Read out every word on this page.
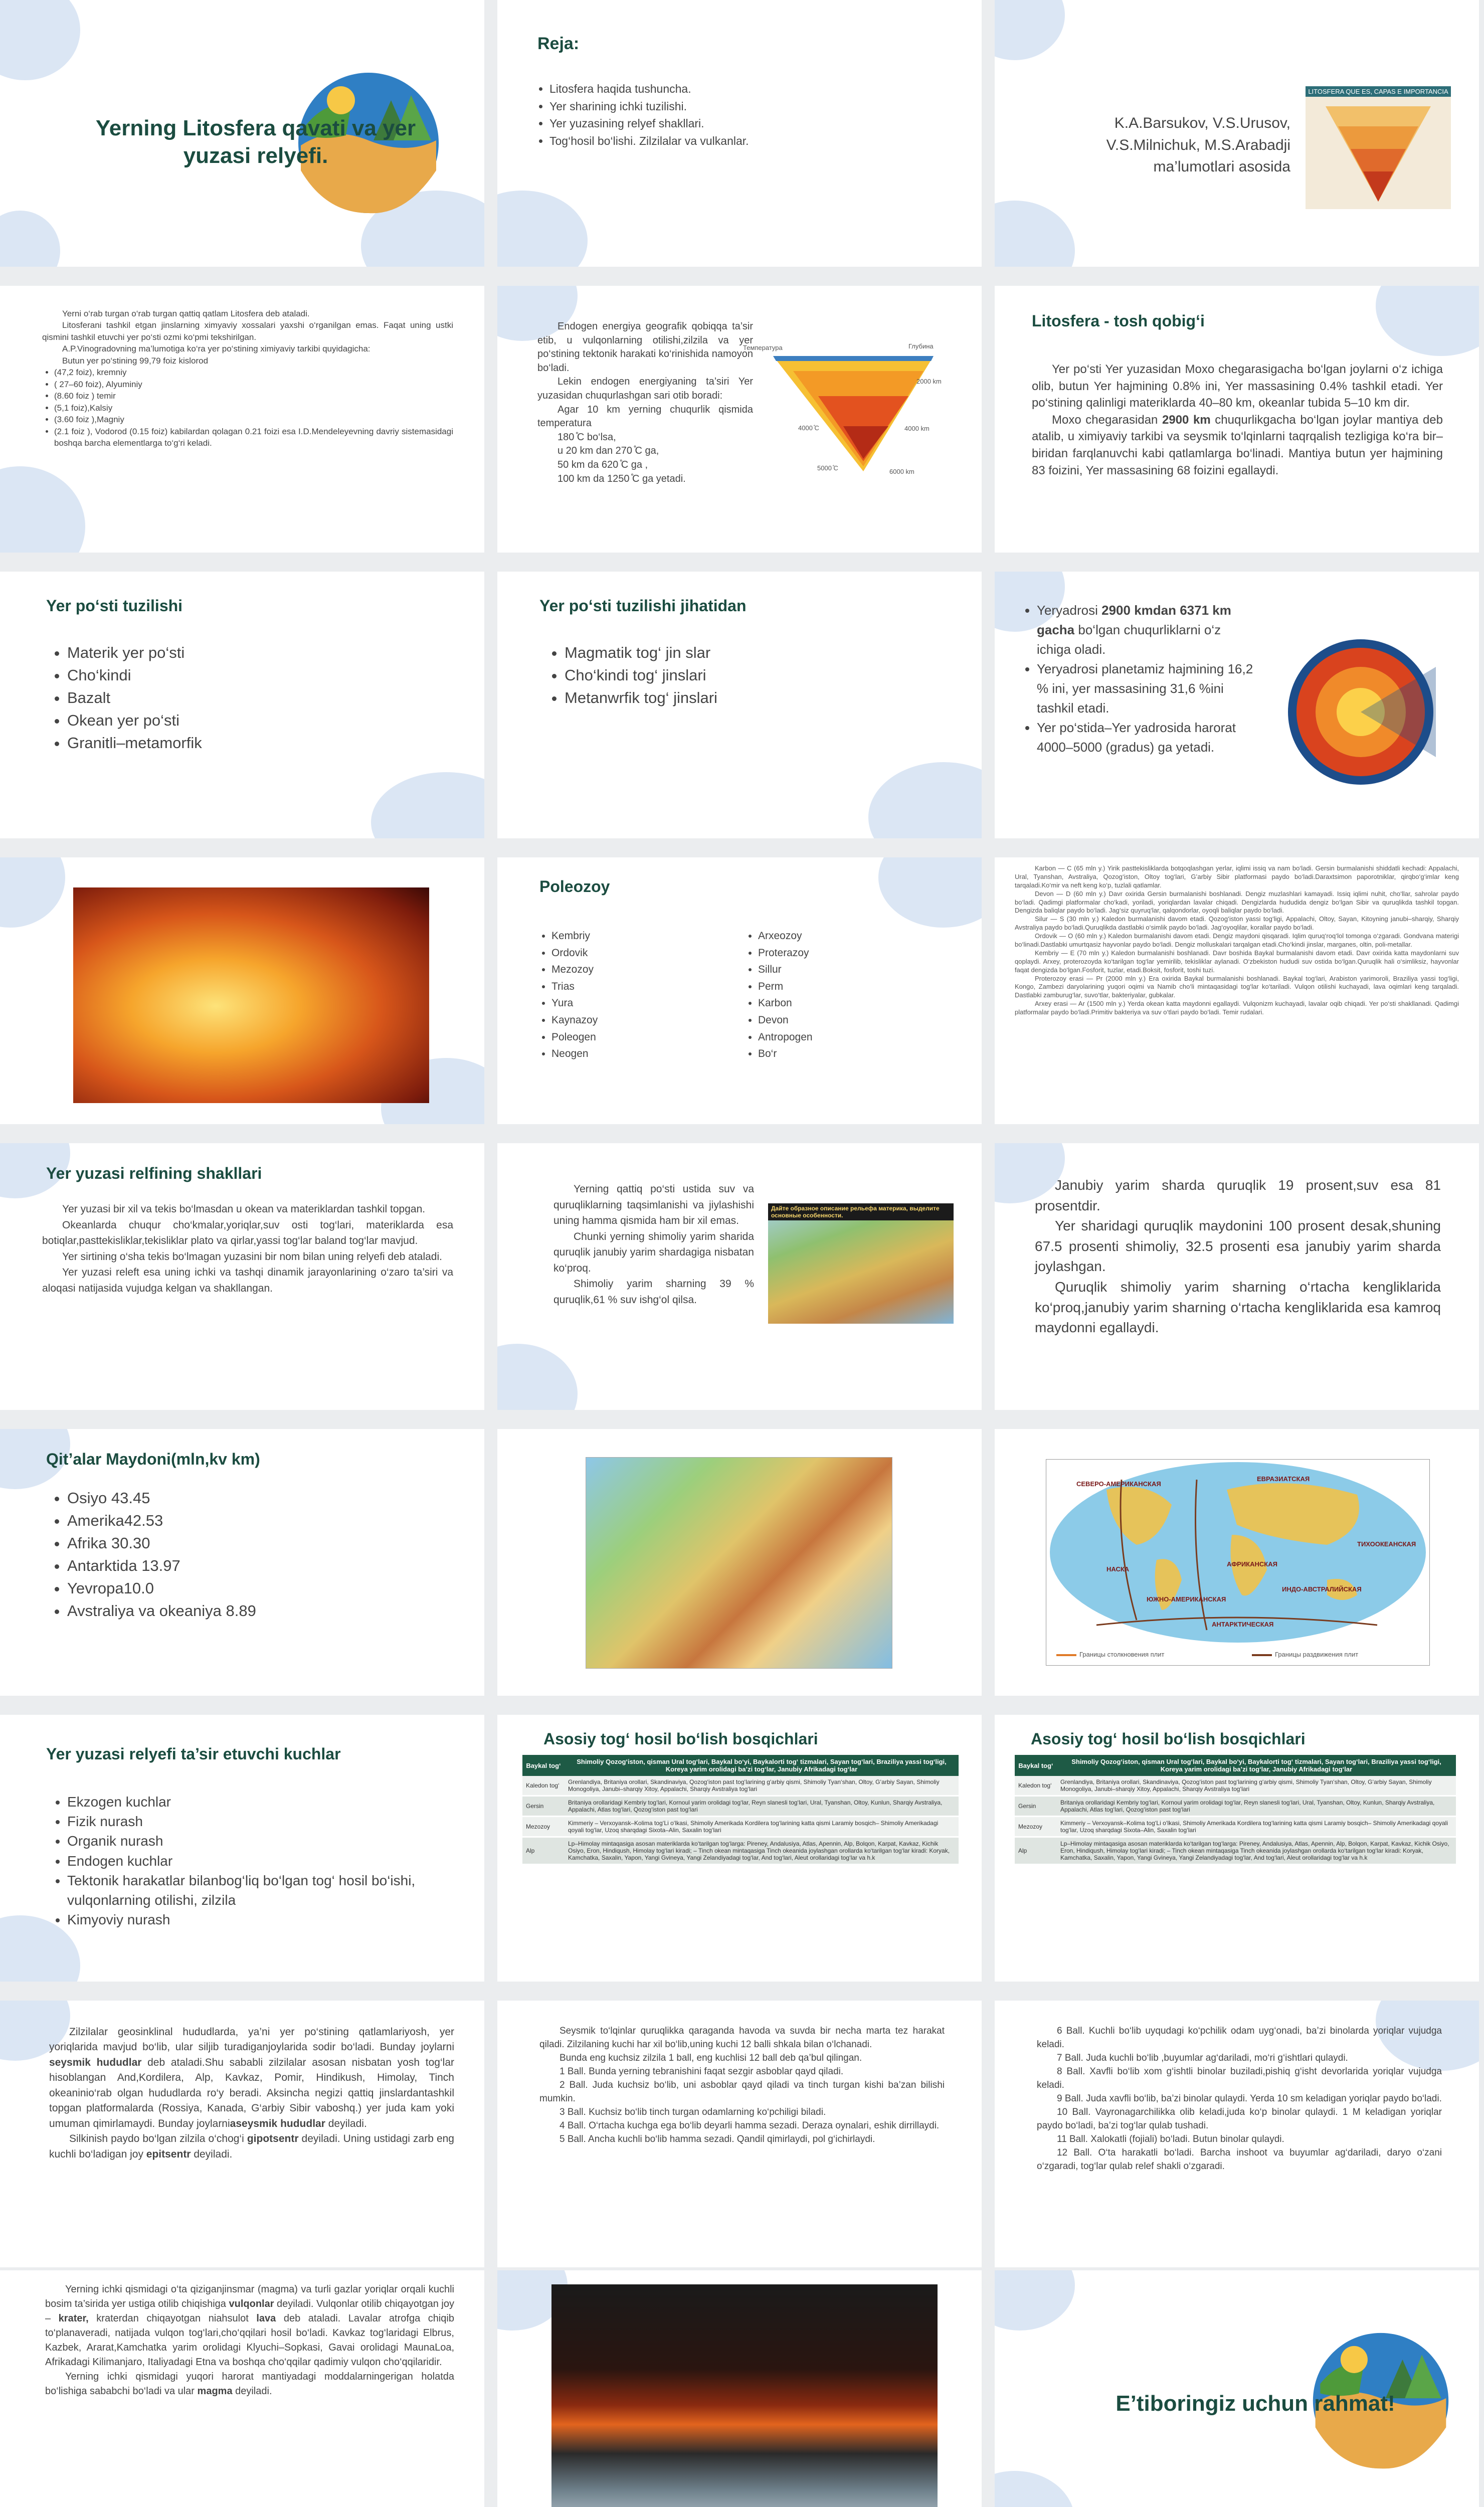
Yerning Litosfera qavati va yer yuzasi relyefi.
Reja:
• Litosfera haqida tushuncha.
• Yer sharining ichki tuzilishi.
• Yer yuzasining relyef shakllari.
• Tog‘hosil bo‘lishi. Zilzilalar va vulkanlar.
K.A.Barsukov, V.S.Urusov, V.S.Milnichuk, M.S.Arabadji ma’lumotlari asosida
LITOSFERA QUE ES, CAPAS E IMPORTANCIA

Yerni o‘rab turgan o‘rab turgan qattiq qatlam Litosfera deb ataladi.

Litosferani tashkil etgan jinslarning ximyaviy xossalari yaxshi o‘rganilgan emas. Faqat uning ustki qismini tashkil etuvchi yer po‘sti ozmi ko‘pmi tekshirilgan.

A.P.Vinogradovning ma’lumotiga ko‘ra yer po‘stining ximiyaviy tarkibi quyidagicha:

Butun yer po‘stining 99,79 foiz kislorod

• (47,2 foiz), kremniy
• ( 27–60 foiz), Alyuminiy
• (8.60 foiz ) temir
• (5,1 foiz),Kalsiy
• (3.60 foiz ),Magniy
• (2.1 foiz ), Vodorod (0.15 foiz) kabilardan qolagan 0.21 foizi esa I.D.Mendeleyevning davriy sistemasidagi boshqa barcha elementlarga to‘g‘ri keladi.

Endogen energiya geografik qobiqqa ta’sir etib, u vulqonlarning otilishi,zilzila va yer po‘stining tektonik harakati ko‘rinishida namoyon bo‘ladi.

Lekin endogen energiyaning ta’siri Yer yuzasidan chuqurlashgan sari otib boradi:

Agar 10 km yerning chuqurlik qismida temperatura

180 ̊C bo‘lsa,

u 20 km dan 270 ̊C ga,

50 km da 620 ̊C ga ,

100 km da 1250 ̊C ga yetadi.

Температура	Глубина
2000 km
4000 km
6000 km
4000 ̊C
5000 ̊C
Litosfera - tosh qobig‘i

Yer po‘sti Yer yuzasidan Moxo chegarasigacha bo‘lgan joylarni o‘z ichiga olib, butun Yer hajmining 0.8% ini, Yer massasining 0.4% tashkil etadi. Yer po‘stining qalinligi materiklarda 40–80 km, okeanlar tubida 5–10 km dir.

Moxo chegarasidan 2900 km chuqurlikgacha bo‘lgan joylar mantiya deb atalib, u ximiyaviy tarkibi va seysmik to‘lqinlarni taqrqalish tezligiga ko‘ra bir–biridan farqlanuvchi kabi qatlamlarga bo‘linadi. Mantiya butun yer hajmining 83 foizini, Yer massasining 68 foizini egallaydi.

Yer po‘sti tuzilishi
• Materik yer po‘sti
• Cho‘kindi
• Bazalt
• Okean yer po‘sti
• Granitli–metamorfik
Yer po‘sti tuzilishi jihatidan
• Magmatik tog‘ jin slar
• Cho‘kindi tog‘ jinslari
• Metanwrfik tog‘ jinslari
• Yeryadrosi 2900 kmdan 6371 km gacha bo‘lgan chuqurliklarni o‘z ichiga oladi.
• Yeryadrosi planetamiz hajmining 16,2 % ini, yer massasining 31,6 %ini tashkil etadi.
• Yer po‘stida–Yer yadrosida harorat 4000–5000 (gradus) ga yetadi.
Poleozoy
• Kembriy
• Ordovik
• Mezozoy
• Trias
• Yura
• Kaynazoy
• Poleogen
• Neogen
• Arxeozoy
• Proterazoy
• Sillur
• Perm
• Karbon
• Devon
• Antropogen
• Bo‘r

Karbon — C (65 mln y.) Yirik pasttekisliklarda botqoqlashgan yerlar, iqlimi issiq va nam bo‘ladi. Gersin burmalanishi shiddatli kechadi: Appalachi, Ural, Tyanshan, Avstraliya, Qozog‘iston, Oltoy tog‘lari, Gʻarbiy Sibir platformasi paydo bo‘ladi.Daraxtsimon paporotniklar, qirqbo‘g‘imlar keng tarqaladi.Ko‘mir va neft keng ko‘p, tuzlali qatlamlar.

Devon — D (60 mln y.) Davr oxirida Gersin burmalanishi boshlanadi. Dengiz muzlashlari kamayadi. Issiq iqlimi nuhit, cho‘llar, sahrolar paydo bo‘ladi. Qadimgi platformalar cho‘kadi, yoriladi, yoriqlardan lavalar chiqadi. Dengizlarda hududida dengiz bo‘lgan Sibir va quruqlikda tashkil topgan. Dengizda baliqlar paydo bo‘ladi. Jag‘siz quyruq‘lar, qalqondorlar, oyoqli baliqlar paydo bo‘ladi.

Silur — S (30 mln y.) Kaledon burmalanishi davom etadi. Qozog‘iston yassi tog‘ligi, Appalachi, Oltoy, Sayan, Kitoyning janubi–sharqiy, Sharqiy Avstraliya paydo bo‘ladi.Quruqlikda dastlabki o‘simlik paydo bo‘ladi. Jag‘oyoqlilar, korallar paydo bo‘ladi.

Ordovik — O (60 mln y.) Kaledon burmalanishi davom etadi. Dengiz maydoni qisqaradi. Iqlim quruq‘roq‘lol tomonga o‘zgaradi. Gondvana materigi bo‘linadi.Dastlabki umurtqasiz hayvonlar paydo bo‘ladi. Dengiz molluskalari tarqalgan etadi.Cho‘kindi jinslar, marganes, oltin, poli-metallar.

Kembriy — E (70 mln y.) Kaledon burmalanishi boshlanadi. Davr boshida Baykal burmalanishi davom etadi. Davr oxirida katta maydonlarni suv qoplaydi. Arxey, proterozoyda ko‘tarilgan tog‘lar yemirilib, tekisliklar aylanadi. O‘zbekiston hududi suv ostida bo‘lgan.Quruqlik hali o‘simliksiz, hayvonlar faqat dengizda bo‘lgan.Fosforit, tuzlar, etadi.Boksit, fosforit, toshi tuzi.

Proterozoy erasi — Pr (2000 mln y.) Era oxirida Baykal burmalanishi boshlanadi. Baykal tog‘lari, Arabiston yarimoroli, Braziliya yassi tog‘ligi, Kongo, Zambezi daryolarining yuqori oqimi va Namib cho‘li mintaqasidagi tog‘lar ko‘tariladi. Vulqon otilishi kuchayadi, lava oqimlari keng tarqaladi. Dastlabki zamburug‘lar, suvo‘tlar, bakteriyalar, gubkalar.

Arxey erasi — Ar (1500 mln y.) Yerda okean katta maydonni egallaydi. Vulqonizm kuchayadi, lavalar oqib chiqadi. Yer po‘sti shakllanadi. Qadimgi platformalar paydo bo‘ladi.Primitiv bakteriya va suv o‘tlari paydo bo‘ladi. Temir rudalari.

Yer yuzasi relfining shakllari

Yer yuzasi bir xil va tekis bo‘lmasdan u okean va materiklardan tashkil topgan.

Okeanlarda chuqur cho‘kmalar,yoriqlar,suv osti tog‘lari, materiklarda esa botiqlar,pasttekisliklar,tekisliklar plato va qirlar,yassi tog‘lar baland tog‘lar mavjud.

Yer sirtining o‘sha tekis bo‘lmagan yuzasini bir nom bilan uning relyefi deb ataladi.

Yer yuzasi releft esa uning ichki va tashqi dinamik jarayonlarining o‘zaro ta’siri va aloqasi natijasida vujudga kelgan va shakllangan.

Yerning qattiq po‘sti ustida suv va quruqliklarning taqsimlanishi va jiylashishi uning hamma qismida ham bir xil emas.

Chunki yerning shimoliy yarim sharida quruqlik janubiy yarim shardagiga nisbatan ko‘proq.

Shimoliy yarim sharning 39 % quruqlik,61 % suv ishg‘ol qilsa.

Дайте образное описание рельефа материка, выделите основные особенности.

Janubiy yarim sharda quruqlik 19 prosent,suv esa 81 prosentdir.

Yer sharidagi quruqlik maydonini 100 prosent desak,shuning 67.5 prosenti shimoliy, 32.5 prosenti esa janubiy yarim sharda joylashgan.

Quruqlik shimoliy yarim sharning o‘rtacha kengliklarida ko‘proq,janubiy yarim sharning o‘rtacha kengliklarida esa kamroq maydonni egallaydi.

Qit’alar Maydoni(mln,kv km)
• Osiyo 43.45
• Amerika42.53
• Afrika 30.30
• Antarktida 13.97
• Yevropa10.0
• Avstraliya va okeaniya 8.89
ЕВРАЗИАТСКАЯ
СЕВЕРО-АМЕРИКАНСКАЯ
ТИХООКЕАНСКАЯ
АФРИКАНСКАЯ
ИНДО-АВСТРАЛИЙСКАЯ
НАСКА
АНТАРКТИЧЕСКАЯ
ЮЖНО-АМЕРИКАНСКАЯ
Границы столкновения плит	Границы раздвижения плит
Yer yuzasi relyefi ta’sir etuvchi kuchlar
• Ekzogen kuchlar
• Fizik nurash
• Organik nurash
• Endogen kuchlar
• Tektonik harakatlar bilanbog‘liq bo‘lgan tog‘ hosil bo‘ishi, vulqonlarning otilishi, zilzila
• Kimyoviy nurash
Asosiy tog‘ hosil bo‘lish bosqichlari
Baykal tog‘	Shimoliy Qozog‘iston, qisman Ural tog‘lari, Baykal bo‘yi, Baykalorti tog‘ tizmalari, Sayan tog‘lari, Braziliya yassi tog‘ligi, Koreya yarim orolidagi ba’zi tog‘lar, Janubiy Afrikadagi tog‘lar
Kaledon tog‘	Grenlandiya, Britaniya orollari, Skandinaviya, Qozog‘iston past tog‘larining g‘arbiy qismi, Shimoliy Tyan‘shan, Oltoy, G‘arbiy Sayan, Shimoliy Monogoliya, Janubi–sharqiy Xitoy, Appalachi, Sharqiy Avstraliya tog‘lari
Gersin	Britaniya orollaridagi Kembriy tog‘lari, Kornoul yarim orolidagi tog‘lar, Reyn slanesli tog‘lari, Ural, Tyanshan, Oltoy, Kunlun, Sharqiy Avstraliya, Appalachi, Atlas tog‘lari, Qozog‘iston past tog‘lari
Mezozoy	Kimmeriy – Verxoyansk–Kolima tog‘Li o‘lkasi, Shimoliy Amerikada Kordilera tog‘larining katta qismi Laramiy bosqich– Shimoliy Amerikadagi qoyali tog‘lar, Uzoq sharqdagi Sixota–Alin, Saxalin tog‘lari
Alp	Lp–Himolay mintaqasiga asosan materiklarda ko‘tarilgan tog‘larga: Pireney, Andalusiya, Atlas, Apennin, Alp, Bolqon, Karpat, Kavkaz, Kichik Osiyo, Eron, Hindiqush, Himolay tog‘lari kiradi; – Tinch okean mintaqasiga Tinch okeanida joylashgan orollarda ko‘tarilgan tog‘lar kiradi: Koryak, Kamchatka, Saxalin, Yapon, Yangi Gvineya, Yangi Zelandiyadagi tog‘lar, And tog‘lari, Aleut orollaridagi tog‘lar va h.k
Asosiy tog‘ hosil bo‘lish bosqichlari
Baykal tog‘	Shimoliy Qozog‘iston, qisman Ural tog‘lari, Baykal bo‘yi, Baykalorti tog‘ tizmalari, Sayan tog‘lari, Braziliya yassi tog‘ligi, Koreya yarim orolidagi ba’zi tog‘lar, Janubiy Afrikadagi tog‘lar
Kaledon tog‘	Grenlandiya, Britaniya orollari, Skandinaviya, Qozog‘iston past tog‘larining g‘arbiy qismi, Shimoliy Tyan‘shan, Oltoy, G‘arbiy Sayan, Shimoliy Monogoliya, Janubi–sharqiy Xitoy, Appalachi, Sharqiy Avstraliya tog‘lari
Gersin	Britaniya orollaridagi Kembriy tog‘lari, Kornoul yarim orolidagi tog‘lar, Reyn slanesli tog‘lari, Ural, Tyanshan, Oltoy, Kunlun, Sharqiy Avstraliya, Appalachi, Atlas tog‘lari, Qozog‘iston past tog‘lari
Mezozoy	Kimmeriy – Verxoyansk–Kolima tog‘Li o‘lkasi, Shimoliy Amerikada Kordilera tog‘larining katta qismi Laramiy bosqich– Shimoliy Amerikadagi qoyali tog‘lar, Uzoq sharqdagi Sixota–Alin, Saxalin tog‘lari
Alp	Lp–Himolay mintaqasiga asosan materiklarda ko‘tarilgan tog‘larga: Pireney, Andalusiya, Atlas, Apennin, Alp, Bolqon, Karpat, Kavkaz, Kichik Osiyo, Eron, Hindiqush, Himolay tog‘lari kiradi; – Tinch okean mintaqasiga Tinch okeanida joylashgan orollarda ko‘tarilgan tog‘lar kiradi: Koryak, Kamchatka, Saxalin, Yapon, Yangi Gvineya, Yangi Zelandiyadagi tog‘lar, And tog‘lari, Aleut orollaridagi tog‘lar va h.k

Zilzilalar geosinklinal hududlarda, ya’ni yer po‘stining qatlamlariyosh, yer yoriqlarida mavjud bo‘lib, ular siljib turadiganjoylarida sodir bo‘ladi. Bunday joylarni seysmik hududlar deb ataladi.Shu sababli zilzilalar asosan nisbatan yosh tog‘lar hisoblangan And,Kordilera, Alp, Kavkaz, Pomir, Hindikush, Himolay, Tinch okeaninio‘rab olgan hududlarda ro‘y beradi. Aksincha negizi qattiq jinslardantashkil topgan platformalarda (Rossiya, Kanada, G‘arbiy Sibir vaboshq.) yer juda kam yoki umuman qimirlamaydi. Bunday joylarniaseysmik hududlar deyiladi.

Silkinish paydo bo‘lgan zilzila o‘chog‘i gipotsentr deyiladi. Uning ustidagi zarb eng kuchli bo‘ladigan joy epitsentr deyiladi.

Seysmik to‘lqinlar quruqlikka qaraganda havoda va suvda bir necha marta tez harakat qiladi. Zilzilaning kuchi har xil bo‘lib,uning kuchi 12 balli shkala bilan o‘lchanadi.

Bunda eng kuchsiz zilzila 1 ball, eng kuchlisi 12 ball deb qa’bul qilingan.

1 Ball. Bunda yerning tebranishini faqat sezgir asboblar qayd qiladi.

2 Ball. Juda kuchsiz bo‘lib, uni asboblar qayd qiladi va tinch turgan kishi ba’zan bilishi mumkin.

3 Ball. Kuchsiz bo‘lib tinch turgan odamlarning ko‘pchiligi biladi.

4 Ball. O‘rtacha kuchga ega bo‘lib deyarli hamma sezadi. Deraza oynalari, eshik dirrillaydi.

5 Ball. Ancha kuchli bo‘lib hamma sezadi. Qandil qimirlaydi, pol g‘ichirlaydi.

6 Ball. Kuchli bo‘lib uyqudagi ko‘pchilik odam uyg‘onadi, ba’zi binolarda yoriqlar vujudga keladi.

7 Ball. Juda kuchli bo‘lib ,buyumlar ag‘dariladi, mo‘ri g‘ishtlari qulaydi.

8 Ball. Xavfli bo‘lib xom g‘ishtli binolar buziladi,pishiq g‘isht devorlarida yoriqlar vujudga keladi.

9 Ball. Juda xavfli bo‘lib, ba’zi binolar qulaydi. Yerda 10 sm keladigan yoriqlar paydo bo‘ladi.

10 Ball. Vayronagarchilikka olib keladi,juda ko‘p binolar qulaydi. 1 M keladigan yoriqlar paydo bo‘ladi, ba’zi tog‘lar qulab tushadi.

11 Ball. Xalokatli (fojiali) bo‘ladi. Butun binolar qulaydi.

12 Ball. O‘ta harakatli bo‘ladi. Barcha inshoot va buyumlar ag‘dariladi, daryo o‘zani o‘zgaradi, tog‘lar qulab relef shakli o‘zgaradi.

Yerning ichki qismidagi o‘ta qiziganjinsmar (magma) va turli gazlar yoriqlar orqali kuchli bosim ta’sirida yer ustiga otilib chiqishiga vulqonlar deyiladi. Vulqonlar otilib chiqayotgan joy – krater, kraterdan chiqayotgan niahsulot lava deb ataladi. Lavalar atrofga chiqib to‘planaveradi, natijada vulqon tog‘lari,cho‘qqilari hosil bo‘ladi. Kavkaz tog‘laridagi Elbrus, Kazbek, Ararat,Kamchatka yarim orolidagi Klyuchi–Sopkasi, Gavai orolidagi MaunaLoa, Afrikadagi Kilimanjaro, Italiyadagi Etna va boshqa cho‘qqilar qadimiy vulqon cho‘qqilaridir.

Yerning ichki qismidagi yuqori harorat mantiyadagi moddalarningerigan holatda bo‘lishiga sababchi bo‘ladi va ular magma deyiladi.	E’tiboringiz uchun rahmat!
